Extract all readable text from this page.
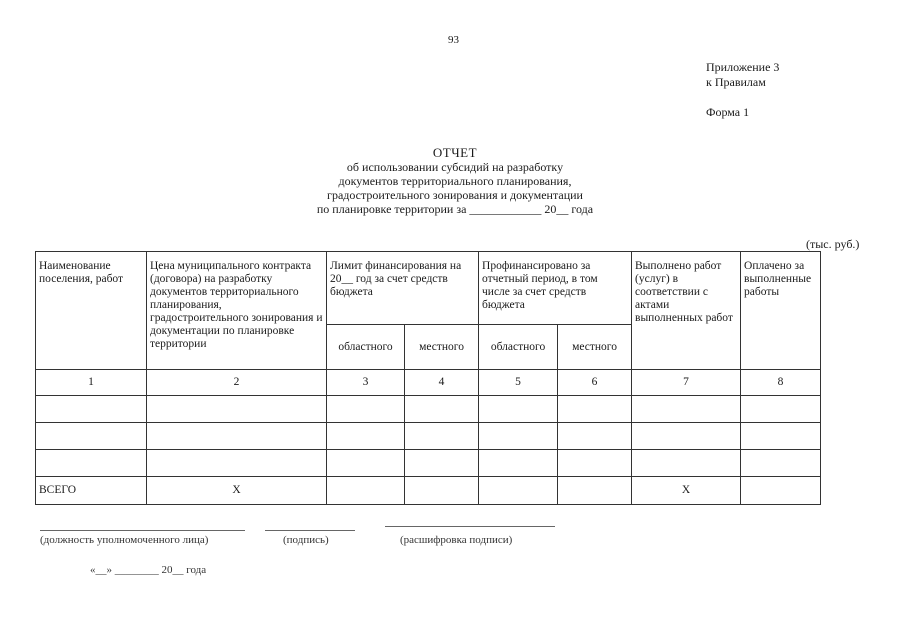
93
Приложение 3
к Правилам
Форма 1
ОТЧЕТ
об использовании субсидий на разработку
документов территориального планирования,
градостроительного зонирования и документации
по планировке территории за ____________ 20__ года
(тыс. руб.)
Наименование поселения, работ	Цена муниципального контракта (договора) на разработку документов территориального планирования, градостроительного зонирования и документации по планировке территории	Лимит финансирования на 20__ год за счет средств бюджета		Профинансировано за отчетный период, в том числе за счет средств бюджета		Выполнено работ (услуг) в соответствии с актами выполненных работ	Оплачено за выполненные работы
		областного	местного	областного	местного		
1	2	3	4	5	6	7	8

ВСЕГО	X					X	
(должность уполномоченного лица)	(подпись)	(расшифровка подписи)
«__» ________ 20__ года
